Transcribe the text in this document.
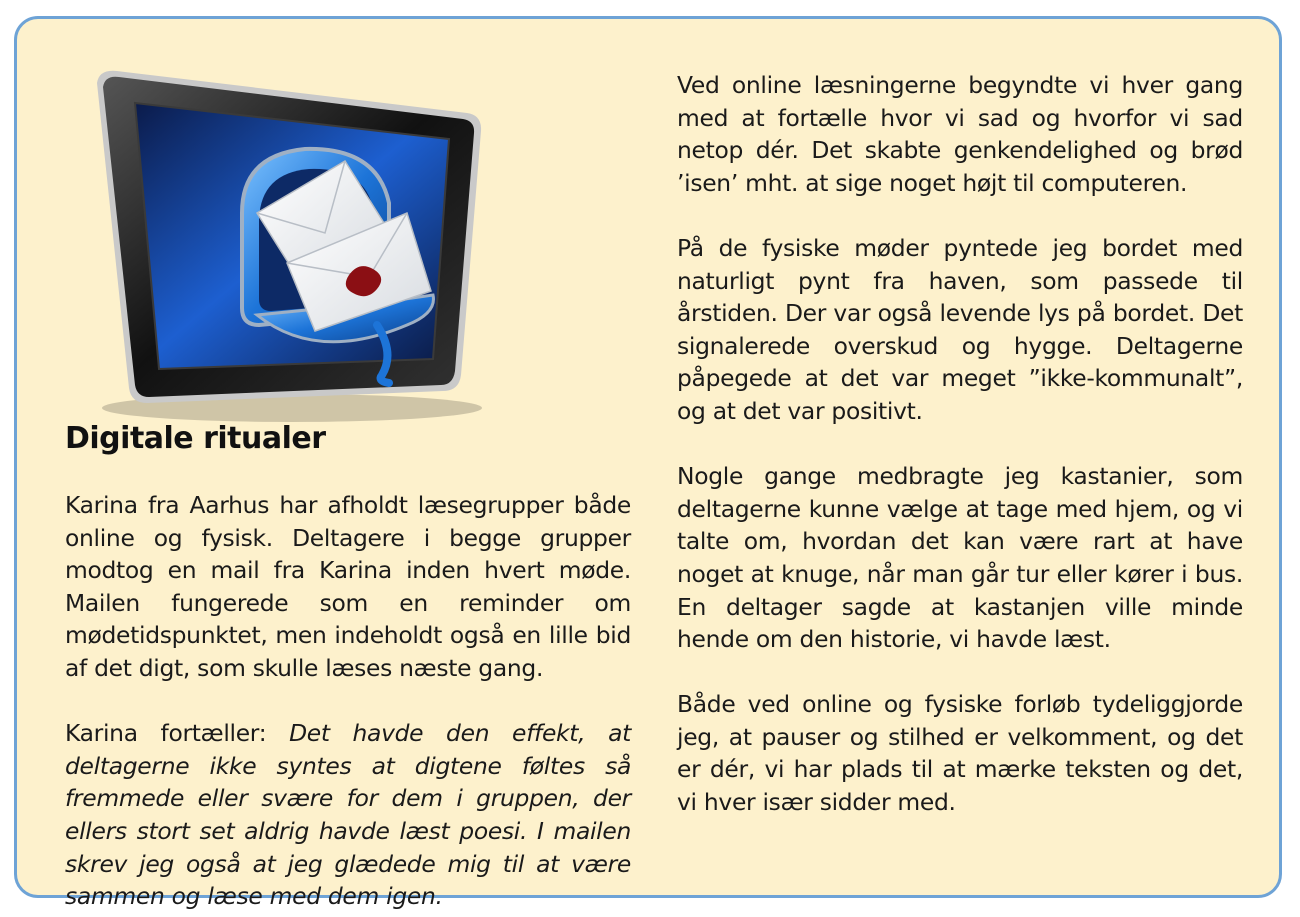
Digitale ritualer

Karina fra Aarhus har afholdt læsegrupper både online og fysisk. Deltagere i begge grupper modtog en mail fra Karina inden hvert møde. Mailen fungerede som en reminder om mødetidspunktet, men indeholdt også en lille bid af det digt, som skulle læses næste gang.

Karina fortæller: Det havde den effekt, at deltagerne ikke syntes at digtene føltes så fremmede eller svære for dem i gruppen, der ellers stort set aldrig havde læst poesi. I mailen skrev jeg også at jeg glædede mig til at være sammen og læse med dem igen.

Ved online læsningerne begyndte vi hver gang med at fortælle hvor vi sad og hvorfor vi sad netop dér. Det skabte genkendelighed og brød ’isen’ mht. at sige noget højt til computeren.

På de fysiske møder pyntede jeg bordet med naturligt pynt fra haven, som passede til årstiden. Der var også levende lys på bordet. Det signalerede overskud og hygge. Deltagerne påpegede at det var meget ”ikke-kommunalt”, og at det var positivt.

Nogle gange medbragte jeg kastanier, som deltagerne kunne vælge at tage med hjem, og vi talte om, hvordan det kan være rart at have noget at knuge, når man går tur eller kører i bus. En deltager sagde at kastanjen ville minde hende om den historie, vi havde læst.

Både ved online og fysiske forløb tydeliggjorde jeg, at pauser og stilhed er velkomment, og det er dér, vi har plads til at mærke teksten og det, vi hver især sidder med.
